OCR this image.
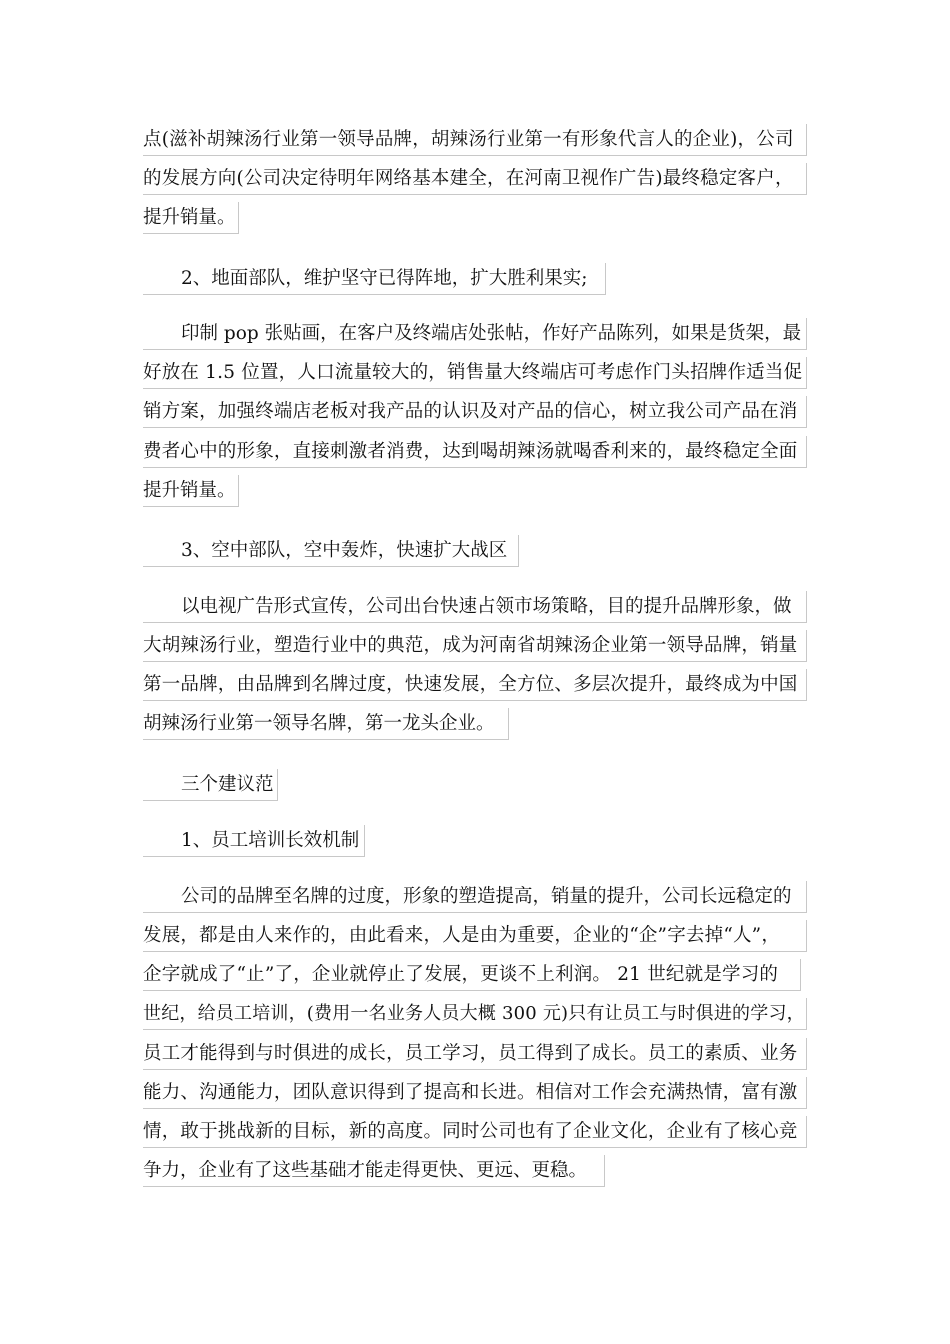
点(滋补胡辣汤行业第一领导品牌，胡辣汤行业第一有形象代言人的企业)，公司
的发展方向(公司决定待明年网络基本建全，在河南卫视作广告)最终稳定客户，
提升销量。
2、地面部队，维护坚守已得阵地，扩大胜利果实;
印制 pop 张贴画，在客户及终端店处张帖，作好产品陈列，如果是货架，最
好放在 1.5 位置，人口流量较大的，销售量大终端店可考虑作门头招牌作适当促
销方案，加强终端店老板对我产品的认识及对产品的信心，树立我公司产品在消
费者心中的形象，直接刺激者消费，达到喝胡辣汤就喝香利来的，最终稳定全面
提升销量。
3、空中部队，空中轰炸，快速扩大战区
以电视广告形式宣传，公司出台快速占领市场策略，目的提升品牌形象，做
大胡辣汤行业，塑造行业中的典范，成为河南省胡辣汤企业第一领导品牌，销量
第一品牌，由品牌到名牌过度，快速发展，全方位、多层次提升，最终成为中国
胡辣汤行业第一领导名牌，第一龙头企业。
三个建议范
1、员工培训长效机制
公司的品牌至名牌的过度，形象的塑造提高，销量的提升，公司长远稳定的
发展，都是由人来作的，由此看来，人是由为重要，企业的“企”字去掉“人”，
企字就成了“止”了，企业就停止了发展，更谈不上利润。 21 世纪就是学习的
世纪，给员工培训，(费用一名业务人员大概 300 元)只有让员工与时俱进的学习，
员工才能得到与时俱进的成长，员工学习，员工得到了成长。员工的素质、业务
能力、沟通能力，团队意识得到了提高和长进。相信对工作会充满热情，富有激
情，敢于挑战新的目标，新的高度。同时公司也有了企业文化，企业有了核心竞
争力，企业有了这些基础才能走得更快、更远、更稳。
